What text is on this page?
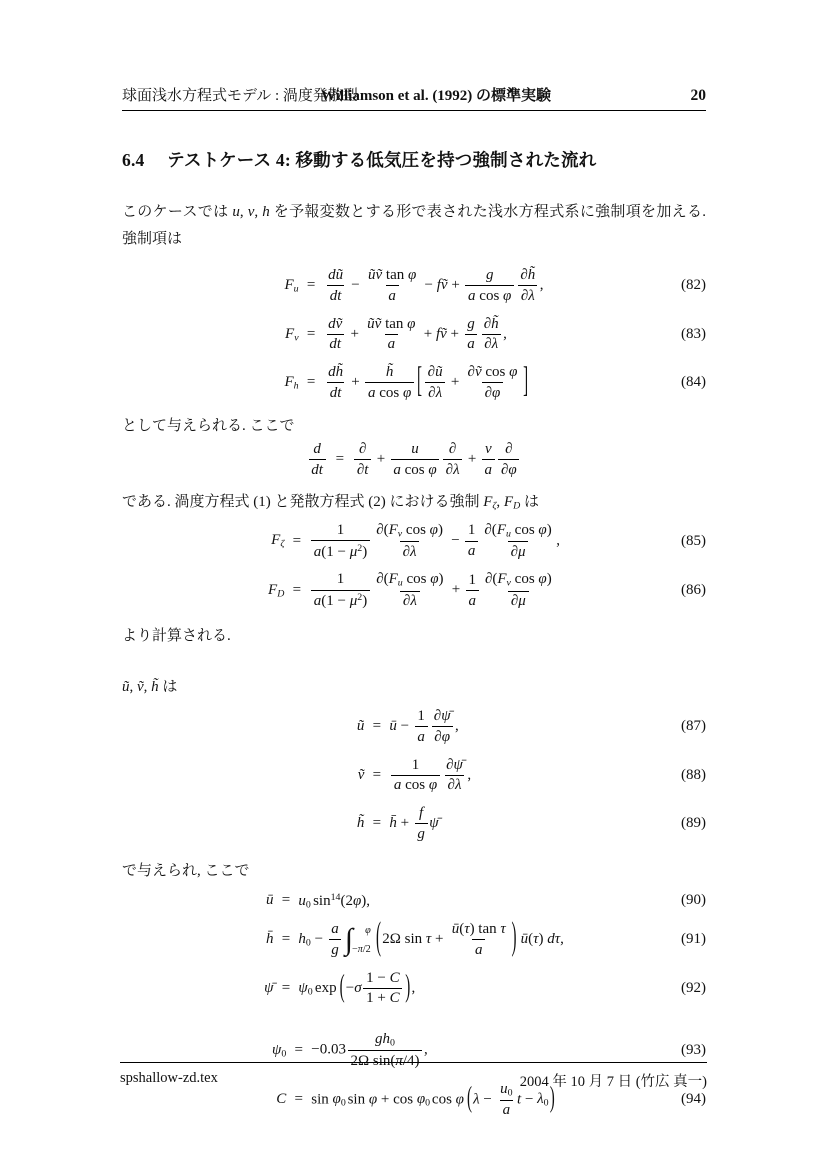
球面浅水方程式モデル : 渦度発散型
Williamson et al. (1992) の標準実験	20
6.4 テストケース 4: 移動する低気圧を持つ強制された流れ

このケースでは u, v, h を予報変数とする形で表された浅水方程式系に強制項を加える. 強制項は

$Fu = \frac{dũ}{dt} - \frac{\text{ũṽ tan φ}}{a}$ − fṽ + $\frac{g}{\text{a cos φ}} \frac{\partial h̃}{\partial\lambda}$ ,	(82)
$Fv = \frac{\text{dṽ}}{dt} + \frac{\text{ũṽ tan φ}}{a}$ + fṽ + $\frac{g}{a} \frac{\partial h̃}{\partial\lambda}$ ,	(83)
$Fh = \frac{dh̃}{dt} + \frac{h̃}{\text{a cos φ}}$ [ $\frac{\partial ũ}{\partial\lambda} + \frac{\text{∂ṽ cos φ}}{\partial\varphi}$ ]	(84)

として与えられる. ここで

$\frac{d}{dt} = \frac{\partial}{\partial t} + \frac{u}{\text{a cos φ}} \frac{\partial}{\partial\lambda} + \frac{v}{a} \frac{\partial}{\partial\varphi}$

である. 渦度方程式 (1) と発散方程式 (2) における強制 Fζ, FD は

$F\zeta = \frac{1}{a(1 - \mu^2)} \frac{\text{∂(Fv cos φ)}}{\partial\lambda} - \frac{1}{a} \frac{\text{∂(Fu cos φ)}}{\partial\mu}$ ,	(85)
FD = $\frac{1}{a(1 - \mu^2)} \frac{\text{∂(Fu cos φ)}}{\partial\lambda} + \frac{1}{a} \frac{\text{∂(Fv cos φ)}}{\partial\mu}$	(86)

より計算される.

ũ, ṽ, h̃ は

ũ = ū − $\frac{1}{a} \frac{\partial\psī}{\partial\varphi}$ ,	(87)
ṽ = $\frac{1}{\text{a cos φ}} \frac{\partial\psī}{\partial\lambda}$ ,	(88)
h̃ = h̄ + $\frac{f}{g}$ ψ̄	(89)

で与えられ, ここで

ū = u0 $\sin^{14}(2\varphi)$,	(90)
h̄ = $h0 - \frac{a}{g}$ ∫ φ
−π/2 (2Ω $\sin \tau + \frac{\text{ū(τ) tan τ}}{a}$ ) ū(τ) dτ,	(91)
ψ̄ = ψ0 $\exp (-\sigma \frac{1 - C}{1 + C}$ ),	(92)
$\psi 0 = -0.03 \frac{gh0}{\text{2Ω sin(π/4)}}$ ,	(93)
C = sin φ0 sin φ + cos φ0 cos φ ($\lambda - \frac{u0}{a}$ t − λ0)	(94)
spshallow-zd.tex	2004 年 10 月 7 日 (竹広 真一)
